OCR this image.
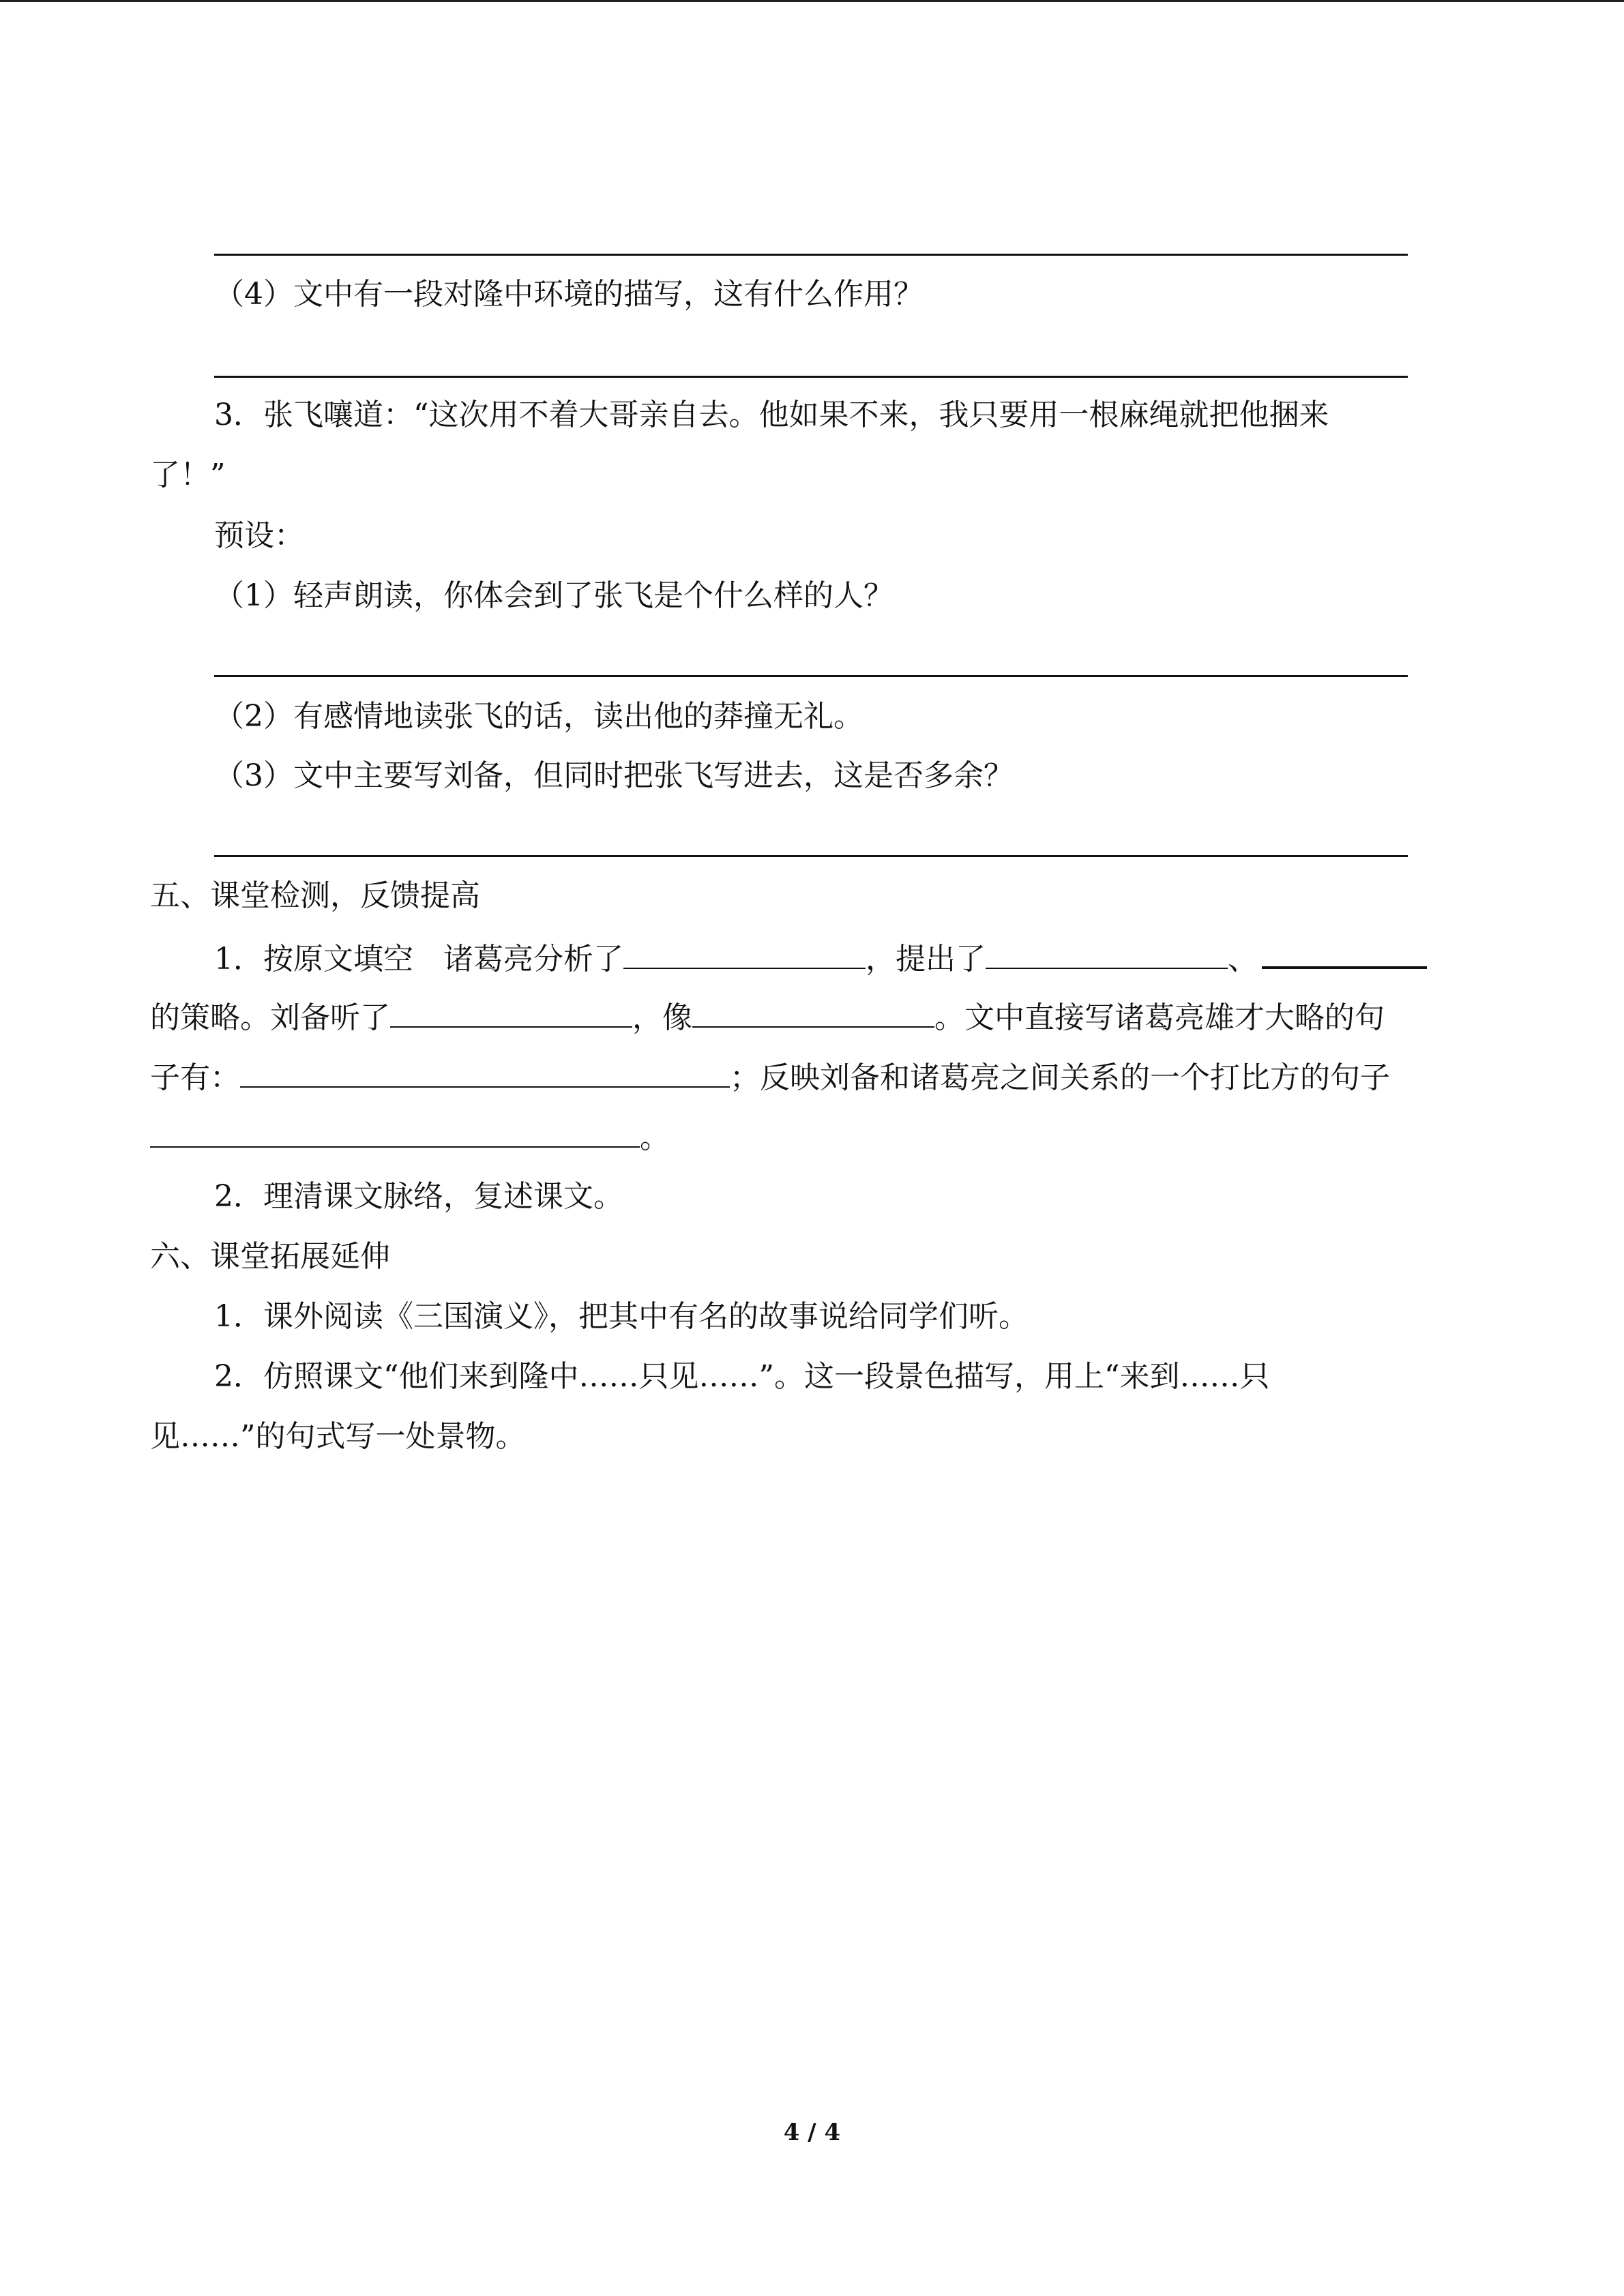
（4）文中有一段对隆中环境的描写，这有什么作用？
3．张飞嚷道：“这次用不着大哥亲自去。他如果不来，我只要用一根麻绳就把他捆来
了！”
预设：
（1）轻声朗读，你体会到了张飞是个什么样的人？
（2）有感情地读张飞的话，读出他的莽撞无礼。
（3）文中主要写刘备，但同时把张飞写进去，这是否多余？
五、课堂检测，反馈提高
1．按原文填空　诸葛亮分析了	，提出了	、
的策略。刘备听了	，像	。文中直接写诸葛亮雄才大略的句
子有：	；反映刘备和诸葛亮之间关系的一个打比方的句子
。
2．理清课文脉络，复述课文。
六、课堂拓展延伸
1．课外阅读《三国演义》，把其中有名的故事说给同学们听。
2．仿照课文“他们来到隆中……只见……”。这一段景色描写，用上“来到……只
见……”的句式写一处景物。
4 / 4
